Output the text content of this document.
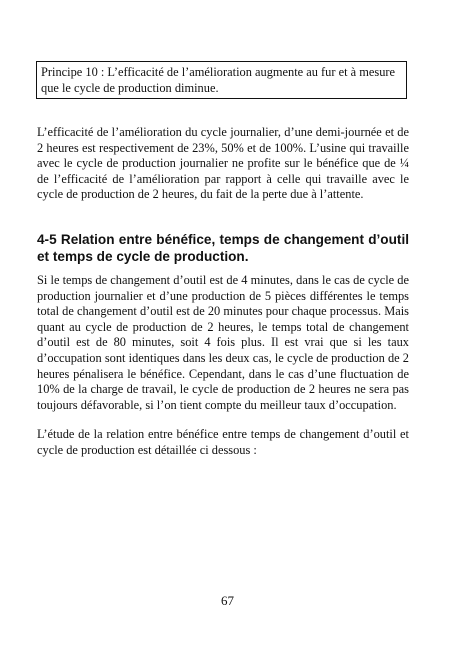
Principe 10 : L’efficacité de l’amélioration augmente au fur et à mesure que le cycle de production diminue.

L’efficacité de l’amélioration du cycle journalier, d’une demi-journée et de 2 heures est respectivement de 23%, 50% et de 100%. L’usine qui travaille avec le cycle de production journalier ne profite sur le bénéfice que de ¼ de l’efficacité de l’amélioration par rapport à celle qui travaille avec le cycle de production de 2 heures, du fait de la perte due à l’attente.

4-5 Relation entre bénéfice, temps de changement d’outil et temps de cycle de production.

Si le temps de changement d’outil est de 4 minutes, dans le cas de cycle de production journalier et d’une production de 5 pièces différentes le temps total de changement d’outil est de 20 minutes pour chaque processus. Mais quant au cycle de production de 2 heures, le temps total de changement d’outil est de 80 minutes, soit 4 fois plus. Il est vrai que si les taux d’occupation sont identiques dans les deux cas, le cycle de production de 2 heures pénalisera le bénéfice. Cependant, dans le cas d’une fluctuation de 10% de la charge de travail, le cycle de production de 2 heures ne sera pas toujours défavorable, si l’on tient compte du meilleur taux d’occupation.

L’étude de la relation entre bénéfice entre temps de changement d’outil et cycle de production est détaillée ci dessous :

67
